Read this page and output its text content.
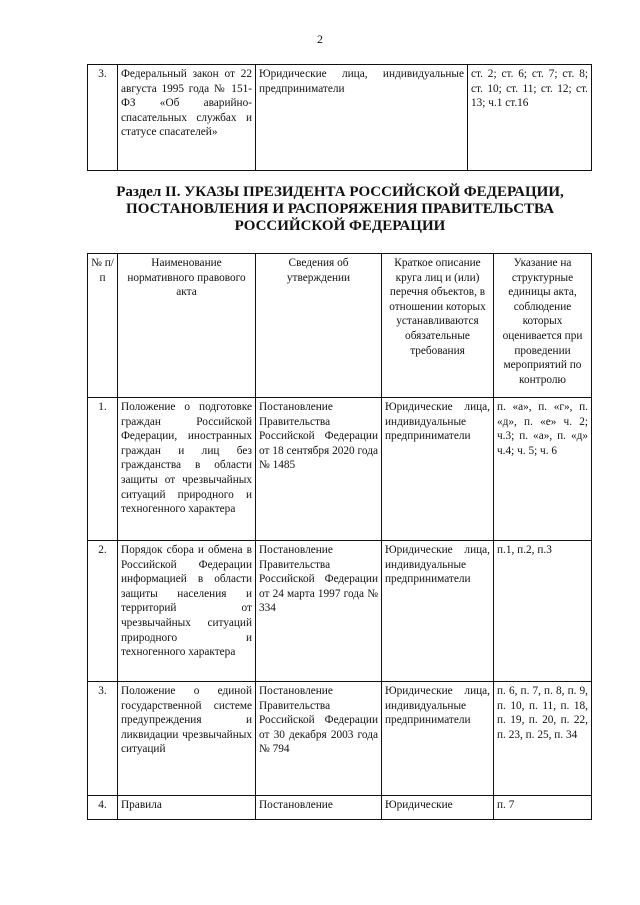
2
3.	Федеральный закон от 22 августа 1995 года № 151-ФЗ «Об аварийно-спасательных службах и статусе спасателей»	Юридические лица, индивидуальные предприниматели	ст. 2; ст. 6; ст. 7; ст. 8; ст. 10; ст. 11; ст. 12; ст. 13; ч.1 ст.16
Раздел II. УКАЗЫ ПРЕЗИДЕНТА РОССИЙСКОЙ ФЕДЕРАЦИИ,
ПОСТАНОВЛЕНИЯ И РАСПОРЯЖЕНИЯ ПРАВИТЕЛЬСТВА
РОССИЙСКОЙ ФЕДЕРАЦИИ
№ п/п	Наименование нормативного правового акта	Сведения об утверждении	Краткое описание круга лиц и (или) перечня объектов, в отношении которых устанавливаются обязательные требования	Указание на структурные единицы акта, соблюдение которых оценивается при проведении мероприятий по контролю
1.	Положение о подготовке граждан Российской Федерации, иностранных граждан и лиц без гражданства в области защиты от чрезвычайных ситуаций природного и техногенного характера	Постановление Правительства Российской Федерации от 18 сентября 2020 года № 1485	Юридические лица, индивидуальные предприниматели	п. «а», п. «г», п. «д», п. «е» ч. 2; ч.3; п. «а», п. «д» ч.4; ч. 5; ч. 6
2.	Порядок сбора и обмена в Российской Федерации информацией в области защиты населения и территорий от чрезвычайных ситуаций природного и техногенного характера	Постановление Правительства Российской Федерации от 24 марта 1997 года № 334	Юридические лица, индивидуальные предприниматели	п.1, п.2, п.3
3.	Положение о единой государственной системе предупреждения и ликвидации чрезвычайных ситуаций	Постановление Правительства Российской Федерации от 30 декабря 2003 года № 794	Юридические лица, индивидуальные предприниматели	п. 6, п. 7, п. 8, п. 9, п. 10, п. 11, п. 18, п. 19, п. 20, п. 22, п. 23, п. 25, п. 34
4.	Правила	Постановление	Юридические	п. 7
